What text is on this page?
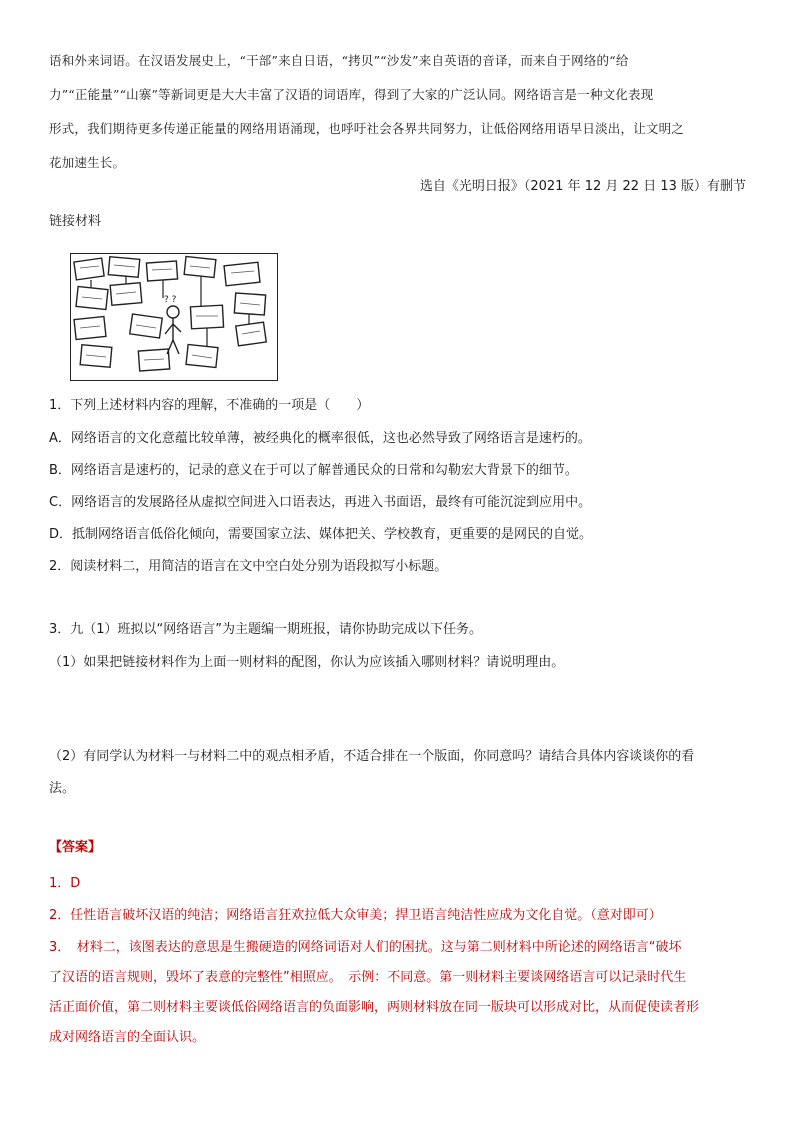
语和外来词语。在汉语发展史上，“干部”来自日语，“拷贝”“沙发”来自英语的音译，而来自于网络的“给
力”“正能量”“山寨”等新词更是大大丰富了汉语的词语库，得到了大家的广泛认同。网络语言是一种文化表现
形式，我们期待更多传递正能量的网络用语涌现，也呼吁社会各界共同努力，让低俗网络用语早日淡出，让文明之
花加速生长。
选自《光明日报》（2021 年 12 月 22 日 13 版）有删节
链接材料
? ?
1．下列上述材料内容的理解，不准确的一项是（　　）
A．网络语言的文化意蕴比较单薄，被经典化的概率很低，这也必然导致了网络语言是速朽的。
B．网络语言是速朽的，记录的意义在于可以了解普通民众的日常和勾勒宏大背景下的细节。
C．网络语言的发展路径从虚拟空间进入口语表达，再进入书面语，最终有可能沉淀到应用中。
D．抵制网络语言低俗化倾向，需要国家立法、媒体把关、学校教育，更重要的是网民的自觉。
2．阅读材料二，用简洁的语言在文中空白处分别为语段拟写小标题。
3．九（1）班拟以“网络语言”为主题编一期班报，请你协助完成以下任务。
（1）如果把链接材料作为上面一则材料的配图，你认为应该插入哪则材料？请说明理由。
（2）有同学认为材料一与材料二中的观点相矛盾，不适合排在一个版面，你同意吗？请结合具体内容谈谈你的看
法。
【答案】
1．D
2．任性语言破坏汉语的纯洁；网络语言狂欢拉低大众审美；捍卫语言纯洁性应成为文化自觉。（意对即可）
3．　材料二，该图表达的意思是生搬硬造的网络词语对人们的困扰。这与第二则材料中所论述的网络语言“破坏
了汉语的语言规则，毁坏了表意的完整性”相照应。　示例：不同意。第一则材料主要谈网络语言可以记录时代生
活正面价值，第二则材料主要谈低俗网络语言的负面影响，两则材料放在同一版块可以形成对比，从而促使读者形
成对网络语言的全面认识。
